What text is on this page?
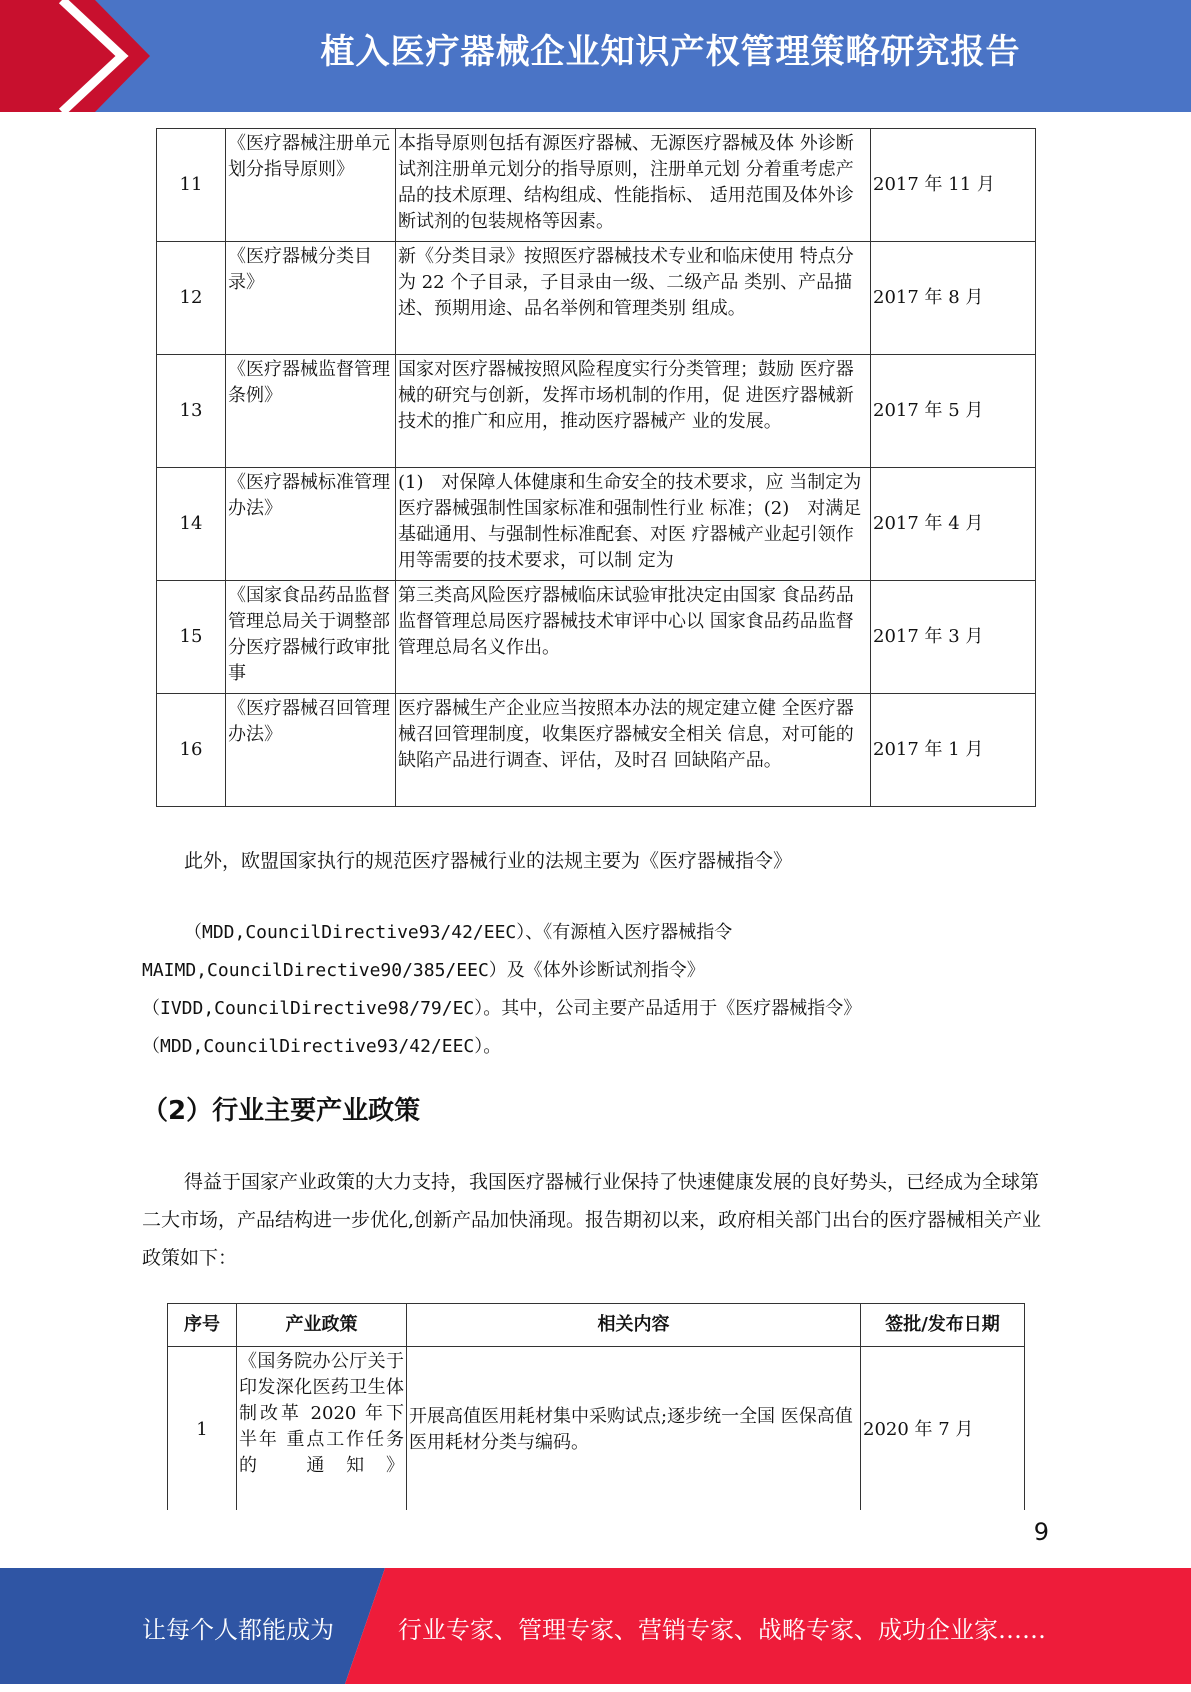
植入医疗器械企业知识产权管理策略研究报告
11	《医疗器械注册单元划分指导原则》	本指导原则包括有源医疗器械、无源医疗器械及体 外诊断试剂注册单元划分的指导原则，注册单元划 分着重考虑产品的技术原理、结构组成、性能指标、 适用范围及体外诊断试剂的包装规格等因素。	2017 年 11 月
12	《医疗器械分类目录》	新《分类目录》按照医疗器械技术专业和临床使用 特点分为 22 个子目录，子目录由一级、二级产品 类别、产品描述、预期用途、品名举例和管理类别 组成。	2017 年 8 月
13	《医疗器械监督管理条例》	国家对医疗器械按照风险程度实行分类管理；鼓励 医疗器械的研究与创新，发挥市场机制的作用，促 进医疗器械新技术的推广和应用，推动医疗器械产 业的发展。	2017 年 5 月
14	《医疗器械标准管理办法》	(1)　对保障人体健康和生命安全的技术要求，应 当制定为医疗器械强制性国家标准和强制性行业 标准；(2)　对满足基础通用、与强制性标准配套、对医 疗器械产业起引领作用等需要的技术要求，可以制 定为	2017 年 4 月
15	《国家食品药品监督管理总局关于调整部分医疗器械行政审批事	第三类高风险医疗器械临床试验审批决定由国家 食品药品监督管理总局医疗器械技术审评中心以 国家食品药品监督管理总局名义作出。	2017 年 3 月
16	《医疗器械召回管理办法》	医疗器械生产企业应当按照本办法的规定建立健 全医疗器械召回管理制度，收集医疗器械安全相关 信息，对可能的缺陷产品进行调查、评估，及时召 回缺陷产品。	2017 年 1 月
此外，欧盟国家执行的规范医疗器械行业的法规主要为《医疗器械指令》
（MDD,CouncilDirective93/42/EEC）、《有源植入医疗器械指令
MAIMD,CouncilDirective90/385/EEC）及《体外诊断试剂指令》
（IVDD,CouncilDirective98/79/EC）。其中，公司主要产品适用于《医疗器械指令》
（MDD,CouncilDirective93/42/EEC）。
（2）行业主要产业政策
得益于国家产业政策的大力支持，我国医疗器械行业保持了快速健康发展的良好势头，已经成为全球第二大市场，产品结构进一步优化,创新产品加快涌现。报告期初以来，政府相关部门出台的医疗器械相关产业政策如下：
序号	产业政策	相关内容	签批/发布日期
1	《国务院办公厅关于印发深化医药卫生体制改革 2020 年下半年 重点工作任务的 通知》	开展高值医用耗材集中采购试点;逐步统一全国 医保高值医用耗材分类与编码。	2020 年 7 月
9
让每个人都能成为	行业专家、管理专家、营销专家、战略专家、成功企业家……
